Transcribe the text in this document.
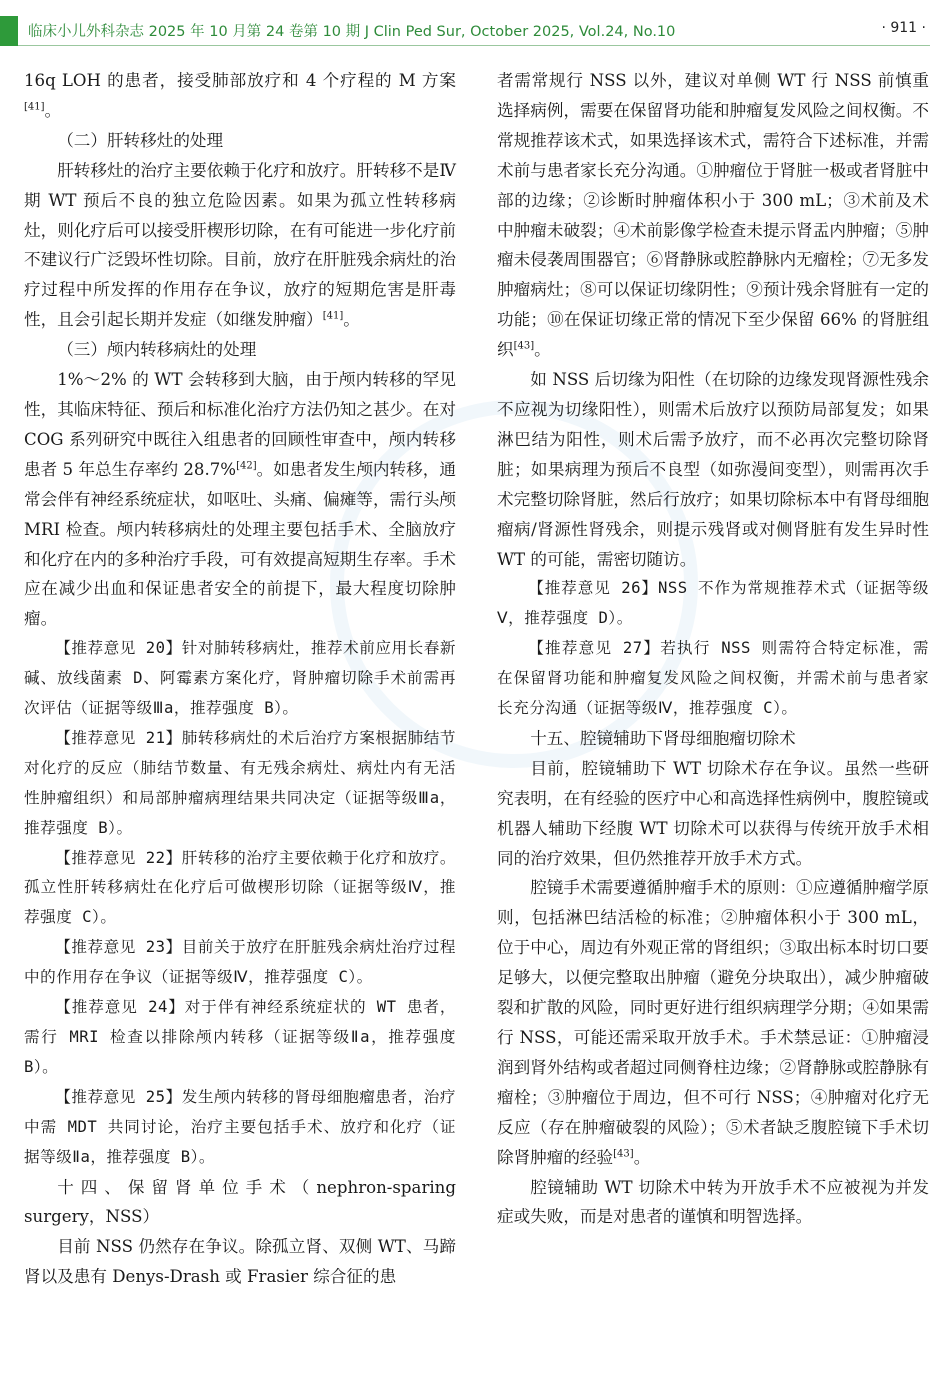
临床小儿外科杂志 2025 年 10 月第 24 卷第 10 期 J Clin Ped Sur, October 2025, Vol.24, No.10	· 911 ·

16q LOH 的患者，接受肺部放疗和 4 个疗程的 M 方案[41]。

（二）肝转移灶的处理

肝转移灶的治疗主要依赖于化疗和放疗。肝转移不是Ⅳ期 WT 预后不良的独立危险因素。如果为孤立性转移病灶，则化疗后可以接受肝楔形切除，在有可能进一步化疗前不建议行广泛毁坏性切除。目前，放疗在肝脏残余病灶的治疗过程中所发挥的作用存在争议，放疗的短期危害是肝毒性，且会引起长期并发症（如继发肿瘤）[41]。

（三）颅内转移病灶的处理

1%～2% 的 WT 会转移到大脑，由于颅内转移的罕见性，其临床特征、预后和标准化治疗方法仍知之甚少。在对 COG 系列研究中既往入组患者的回顾性审查中，颅内转移患者 5 年总生存率约 28.7%[42]。如患者发生颅内转移，通常会伴有神经系统症状，如呕吐、头痛、偏瘫等，需行头颅 MRI 检查。颅内转移病灶的处理主要包括手术、全脑放疗和化疗在内的多种治疗手段，可有效提高短期生存率。手术应在减少出血和保证患者安全的前提下，最大程度切除肿瘤。

【推荐意见 20】针对肺转移病灶，推荐术前应用长春新碱、放线菌素 D、阿霉素方案化疗，肾肿瘤切除手术前需再次评估（证据等级Ⅲa，推荐强度 B）。

【推荐意见 21】肺转移病灶的术后治疗方案根据肺结节对化疗的反应（肺结节数量、有无残余病灶、病灶内有无活性肿瘤组织）和局部肿瘤病理结果共同决定（证据等级Ⅲa，推荐强度 B）。

【推荐意见 22】肝转移的治疗主要依赖于化疗和放疗。孤立性肝转移病灶在化疗后可做楔形切除（证据等级Ⅳ，推荐强度 C）。

【推荐意见 23】目前关于放疗在肝脏残余病灶治疗过程中的作用存在争议（证据等级Ⅳ，推荐强度 C）。

【推荐意见 24】对于伴有神经系统症状的 WT 患者，需行 MRI 检查以排除颅内转移（证据等级Ⅱa，推荐强度 B）。

【推荐意见 25】发生颅内转移的肾母细胞瘤患者，治疗中需 MDT 共同讨论，治疗主要包括手术、放疗和化疗（证据等级Ⅱa，推荐强度 B）。

十四、保留肾单位手术（nephron-sparing surgery，NSS）

目前 NSS 仍然存在争议。除孤立肾、双侧 WT、马蹄肾以及患有 Denys-Drash 或 Frasier 综合征的患

者需常规行 NSS 以外，建议对单侧 WT 行 NSS 前慎重选择病例，需要在保留肾功能和肿瘤复发风险之间权衡。不常规推荐该术式，如果选择该术式，需符合下述标准，并需术前与患者家长充分沟通。①肿瘤位于肾脏一极或者肾脏中部的边缘；②诊断时肿瘤体积小于 300 mL；③术前及术中肿瘤未破裂；④术前影像学检查未提示肾盂内肿瘤；⑤肿瘤未侵袭周围器官；⑥肾静脉或腔静脉内无瘤栓；⑦无多发肿瘤病灶；⑧可以保证切缘阴性；⑨预计残余肾脏有一定的功能；⑩在保证切缘正常的情况下至少保留 66% 的肾脏组织[43]。

如 NSS 后切缘为阳性（在切除的边缘发现肾源性残余不应视为切缘阳性），则需术后放疗以预防局部复发；如果淋巴结为阳性，则术后需予放疗，而不必再次完整切除肾脏；如果病理为预后不良型（如弥漫间变型），则需再次手术完整切除肾脏，然后行放疗；如果切除标本中有肾母细胞瘤病/肾源性肾残余，则提示残肾或对侧肾脏有发生异时性 WT 的可能，需密切随访。

【推荐意见 26】NSS 不作为常规推荐术式（证据等级Ⅴ，推荐强度 D）。

【推荐意见 27】若执行 NSS 则需符合特定标准，需在保留肾功能和肿瘤复发风险之间权衡，并需术前与患者家长充分沟通（证据等级Ⅳ，推荐强度 C）。

十五、腔镜辅助下肾母细胞瘤切除术

目前，腔镜辅助下 WT 切除术存在争议。虽然一些研究表明，在有经验的医疗中心和高选择性病例中，腹腔镜或机器人辅助下经腹 WT 切除术可以获得与传统开放手术相同的治疗效果，但仍然推荐开放手术方式。

腔镜手术需要遵循肿瘤手术的原则：①应遵循肿瘤学原则，包括淋巴结活检的标准；②肿瘤体积小于 300 mL，位于中心，周边有外观正常的肾组织；③取出标本时切口要足够大，以便完整取出肿瘤（避免分块取出），减少肿瘤破裂和扩散的风险，同时更好进行组织病理学分期；④如果需行 NSS，可能还需采取开放手术。手术禁忌证：①肿瘤浸润到肾外结构或者超过同侧脊柱边缘；②肾静脉或腔静脉有瘤栓；③肿瘤位于周边，但不可行 NSS；④肿瘤对化疗无反应（存在肿瘤破裂的风险）；⑤术者缺乏腹腔镜下手术切除肾肿瘤的经验[43]。

腔镜辅助 WT 切除术中转为开放手术不应被视为并发症或失败，而是对患者的谨慎和明智选择。
